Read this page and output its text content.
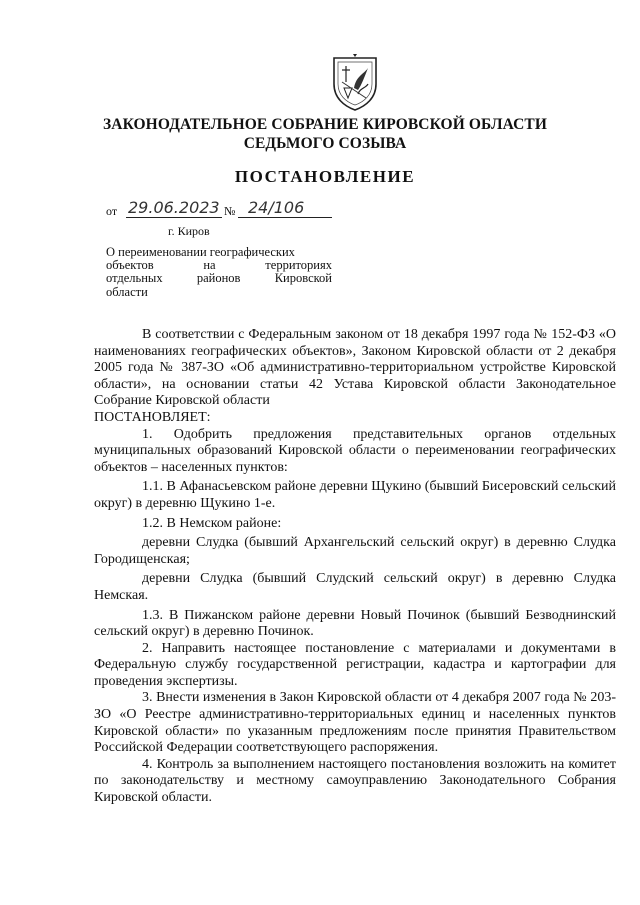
ЗАКОНОДАТЕЛЬНОЕ СОБРАНИЕ КИРОВСКОЙ ОБЛАСТИ
СЕДЬМОГО СОЗЫВА
ПОСТАНОВЛЕНИЕ
от 29.06.2023 № 24/106
г. Киров
О переименовании географических
объектов на территориях
отдельных районов Кировской
области

В соответствии с Федеральным законом от 18 декабря 1997 года № 152-ФЗ «О наименованиях географических объектов», Законом Кировской области от 2 декабря 2005 года № 387-ЗО «Об административно-территориальном устройстве Кировской области», на основании статьи 42 Устава Кировской области Законодательное Собрание Кировской области

ПОСТАНОВЛЯЕТ:

1. Одобрить предложения представительных органов отдельных муниципальных образований Кировской области о переименовании географических объектов – населенных пунктов:

1.1. В Афанасьевском районе деревни Щукино (бывший Бисеровский сельский округ) в деревню Щукино 1-е.

1.2. В Немском районе:

деревни Слудка (бывший Архангельский сельский округ) в деревню Слудка Городищенская;

деревни Слудка (бывший Слудский сельский округ) в деревню Слудка Немская.

1.3. В Пижанском районе деревни Новый Починок (бывший Безводнинский сельский округ) в деревню Починок.

2. Направить настоящее постановление с материалами и документами в Федеральную службу государственной регистрации, кадастра и картографии для проведения экспертизы.

3. Внести изменения в Закон Кировской области от 4 декабря 2007 года № 203-ЗО «О Реестре административно-территориальных единиц и населенных пунктов Кировской области» по указанным предложениям после принятия Правительством Российской Федерации соответствующего распоряжения.

4. Контроль за выполнением настоящего постановления возложить на комитет по законодательству и местному самоуправлению Законодательного Собрания Кировской области.
